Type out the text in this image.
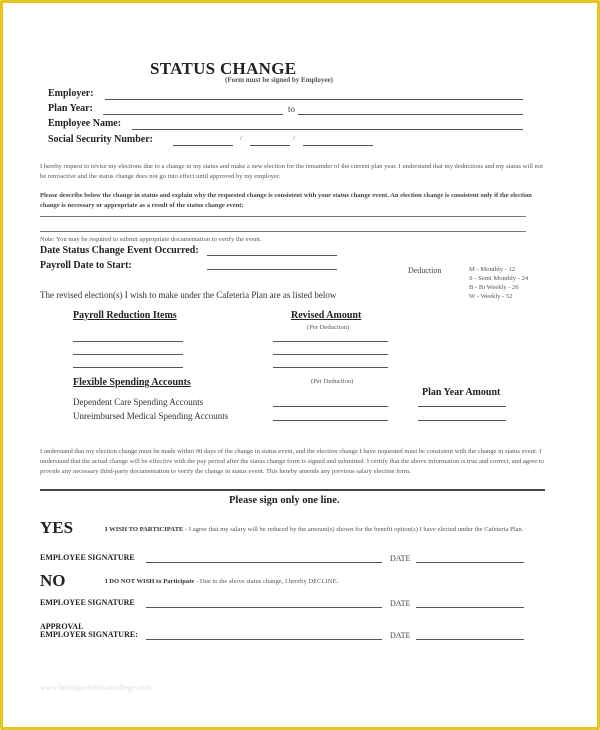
STATUS CHANGE
(Form must be signed by Employee)
Employer:
Plan Year:	to
Employee Name:
Social Security Number:	/	/
I hereby request to revise my elections due to a change in my status and make a new election for the remainder of the current plan year. I understand that my deductions and my status will not be retroactive and the status change does not go into effect until approved by my employer.
Please describe below the change in status and explain why the requested change is consistent with your status change event. An election change is consistent only if the election change is necessary or appropriate as a result of the status change event:
Note: You may be required to submit appropriate documentation to verify the event.
Date Status Change Event Occurred:
Payroll Date to Start:	Deduction	M - Monthly - 12
S - Semi Monthly - 24
B - Bi Weekly - 26
W - Weekly - 52
The revised election(s) I wish to make under the Cafeteria Plan are as listed below
Payroll Reduction Items	Revised Amount
(Per Deduction)
Flexible Spending Accounts	(Per Deduction)
Plan Year Amount
Dependent Care Spending Accounts
Unreimbursed Medical Spending Accounts
I understand that my election change must be made within 90 days of the change in status event, and the election change I have requested must be consistent with the change in status event. I understand that the actual change will be effective with the pay period after the status change form is signed and submitted. I certify that the above information is true and correct, and agree to provide any necessary third-party documentation to verify the change in status event. This hereby amends any previous salary election form.
Please sign only one line.
YES	I WISH TO PARTICIPATE - I agree that my salary will be reduced by the amount(s) shown for the benefit option(s) I have elected under the Cafeteria Plan.
EMPLOYEE SIGNATURE	DATE
NO	I DO NOT WISH to Participate - Due to the above status change, I hereby DECLINE.
EMPLOYEE SIGNATURE	DATE
APPROVAL
EMPLOYER SIGNATURE:	DATE
www.heritagechristiancollege.com
